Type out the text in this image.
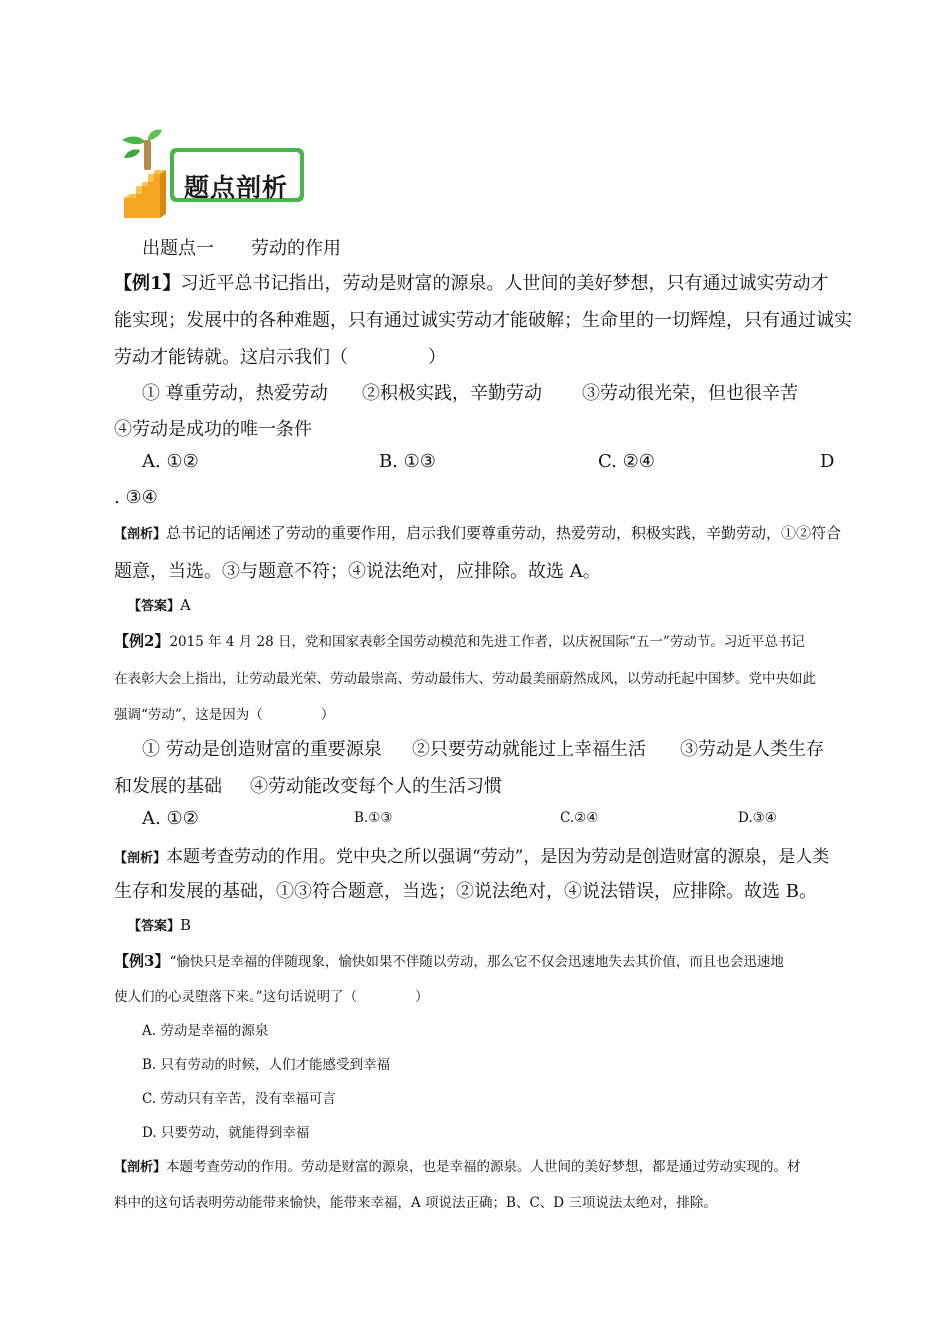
题点剖析
出题点一 劳动的作用
【例1】习近平总书记指出，劳动是财富的源泉。人世间的美好梦想，只有通过诚实劳动才
能实现；发展中的各种难题，只有通过诚实劳动才能破解；生命里的一切辉煌，只有通过诚实
劳动才能铸就。这启示我们（	）
① 尊重劳动，热爱劳动 ②积极实践，辛勤劳动 ③劳动很光荣，但也很辛苦
④劳动是成功的唯一条件
A. ①②	B. ①③	C. ②④	D
. ③④
【剖析】总书记的话阐述了劳动的重要作用，启示我们要尊重劳动，热爱劳动，积极实践，辛勤劳动，①②符合
题意，当选。③与题意不符；④说法绝对，应排除。故选 A。
【答案】A
【例2】2015 年 4 月 28 日，党和国家表彰全国劳动模范和先进工作者，以庆祝国际“五一”劳动节。习近平总书记
在表彰大会上指出，让劳动最光荣、劳动最崇高、劳动最伟大、劳动最美丽蔚然成风，以劳动托起中国梦。党中央如此
强调“劳动”，这是因为（	）
① 劳动是创造财富的重要源泉 ②只要劳动就能过上幸福生活 ③劳动是人类生存
和发展的基础 ④劳动能改变每个人的生活习惯
A. ①②	B.①③	C.②④	D.③④
【剖析】本题考查劳动的作用。党中央之所以强调“劳动”，是因为劳动是创造财富的源泉，是人类
生存和发展的基础，①③符合题意，当选；②说法绝对，④说法错误，应排除。故选 B。
【答案】B
【例3】“愉快只是幸福的伴随现象，愉快如果不伴随以劳动，那么它不仅会迅速地失去其价值，而且也会迅速地
使人们的心灵堕落下来。”这句话说明了（	）
A. 劳动是幸福的源泉
B. 只有劳动的时候，人们才能感受到幸福
C. 劳动只有辛苦，没有幸福可言
D. 只要劳动，就能得到幸福
【剖析】本题考查劳动的作用。劳动是财富的源泉，也是幸福的源泉。人世间的美好梦想，都是通过劳动实现的。材
料中的这句话表明劳动能带来愉快，能带来幸福，A 项说法正确；B、C、D 三项说法太绝对，排除。
